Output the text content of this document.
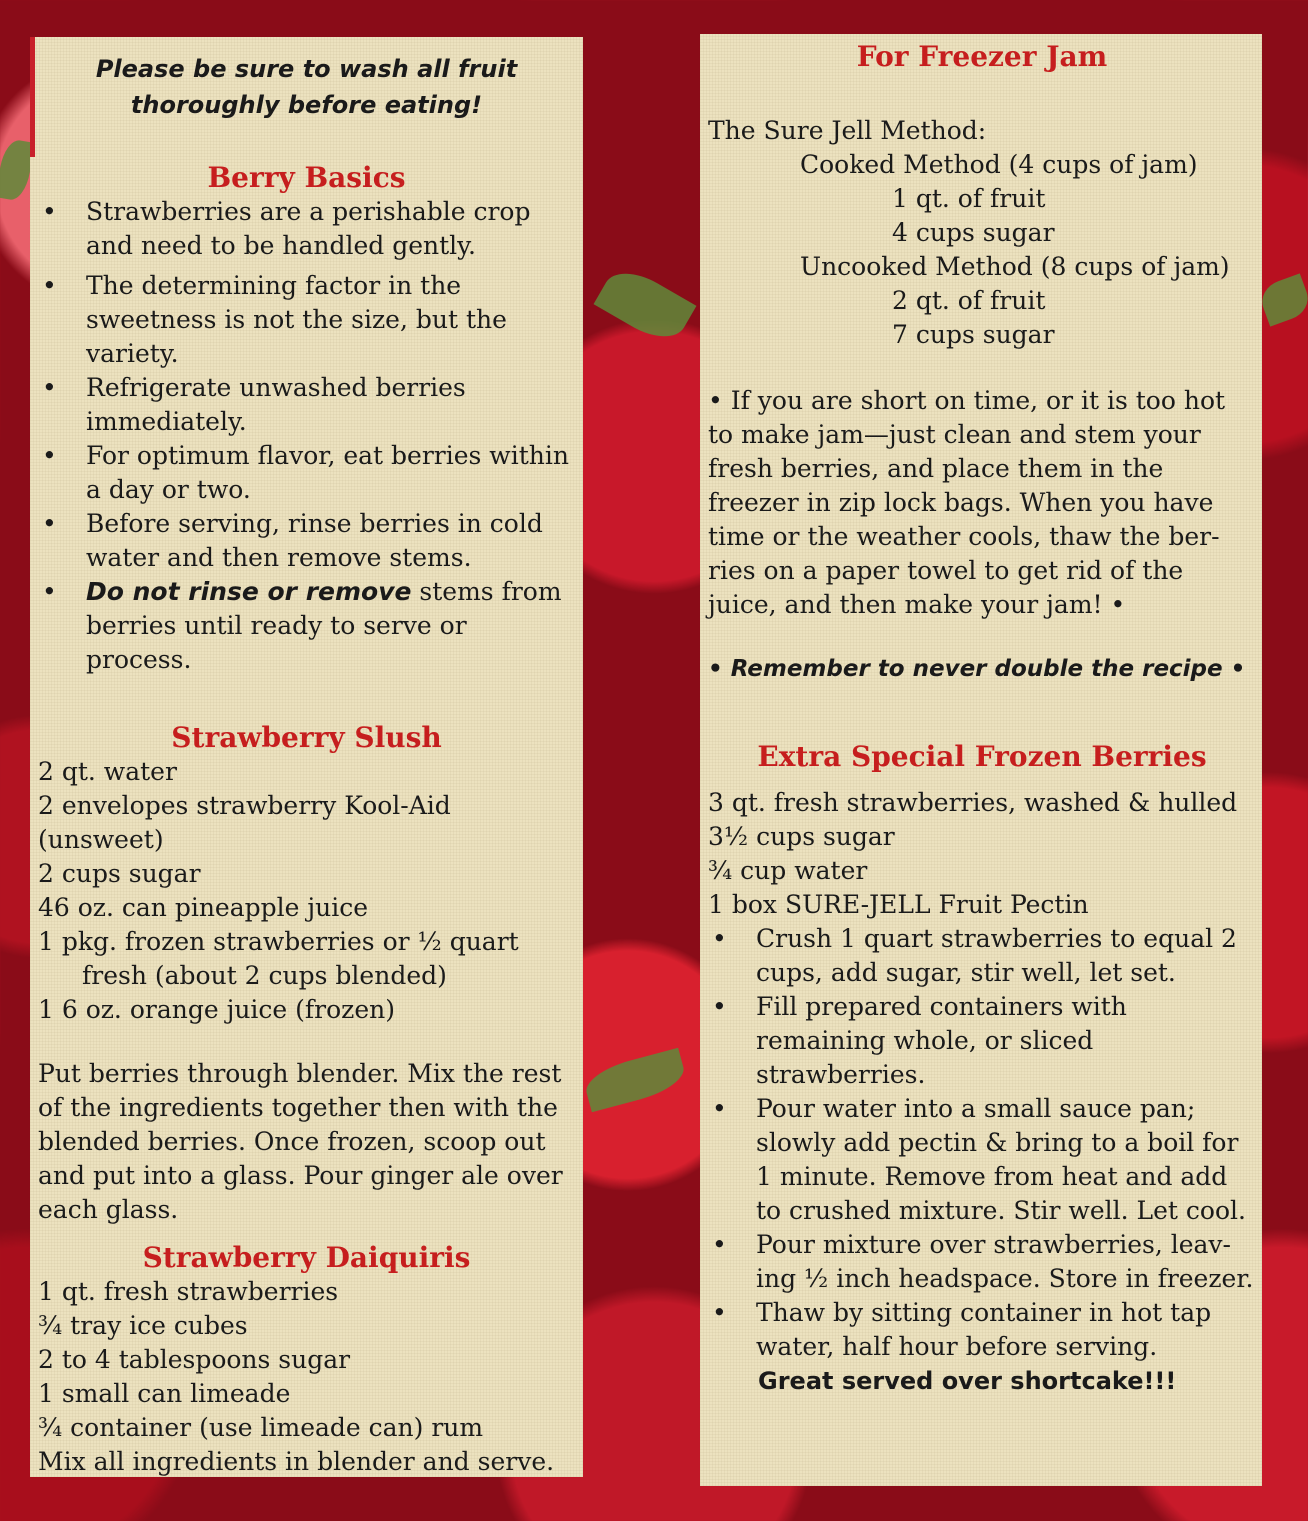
Please be sure to wash all fruit
thoroughly before eating!
Berry Basics
• Strawberries are a perishable crop and need to be handled gently.
• The determining factor in the sweetness is not the size, but the variety.
• Refrigerate unwashed berries immediately.
• For optimum flavor, eat berries within a day or two.
• Before serving, rinse berries in cold water and then remove stems.
• Do not rinse or remove stems from berries until ready to serve or process.
Strawberry Slush
2 qt. water
2 envelopes strawberry Kool-Aid (unsweet)
2 cups sugar
46 oz. can pineapple juice
1 pkg. frozen strawberries or ½ quart
fresh (about 2 cups blended)
1 6 oz. orange juice (frozen)
Put berries through blender. Mix the rest of the ingredients together then with the blended berries. Once frozen, scoop out and put into a glass. Pour ginger ale over each glass.
Strawberry Daiquiris
1 qt. fresh strawberries
¾ tray ice cubes
2 to 4 tablespoons sugar
1 small can limeade
¾ container (use limeade can) rum
Mix all ingredients in blender and serve.
For Freezer Jam
The Sure Jell Method:
Cooked Method (4 cups of jam)
1 qt. of fruit
4 cups sugar
Uncooked Method (8 cups of jam)
2 qt. of fruit
7 cups sugar
• If you are short on time, or it is too hot to make jam—just clean and stem your fresh berries, and place them in the freezer in zip lock bags. When you have time or the weather cools, thaw the ber-ries on a paper towel to get rid of the juice, and then make your jam! •
• Remember to never double the recipe •
Extra Special Frozen Berries
3 qt. fresh strawberries, washed & hulled
3½ cups sugar
¾ cup water
1 box SURE-JELL Fruit Pectin
• Crush 1 quart strawberries to equal 2 cups, add sugar, stir well, let set.
• Fill prepared containers with remaining whole, or sliced strawberries.
• Pour water into a small sauce pan; slowly add pectin & bring to a boil for 1 minute. Remove from heat and add to crushed mixture. Stir well. Let cool.
• Pour mixture over strawberries, leav-ing ½ inch headspace. Store in freezer.
• Thaw by sitting container in hot tap water, half hour before serving.
Great served over shortcake!!!
